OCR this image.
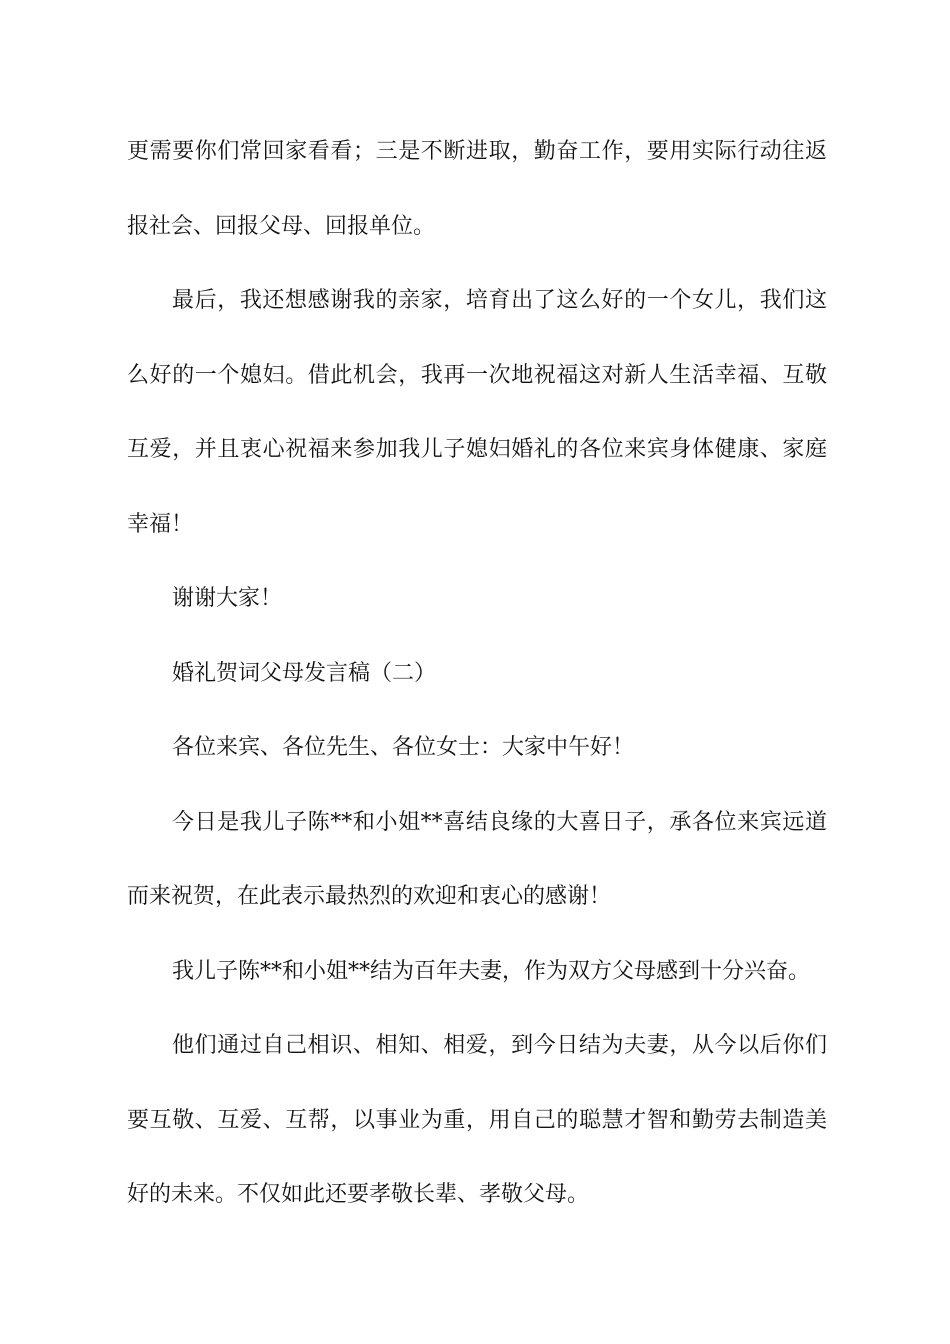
更需要你们常回家看看；三是不断进取，勤奋工作，要用实际行动往返报社会、回报父母、回报单位。

最后，我还想感谢我的亲家，培育出了这么好的一个女儿，我们这么好的一个媳妇。借此机会，我再一次地祝福这对新人生活幸福、互敬互爱，并且衷心祝福来参加我儿子媳妇婚礼的各位来宾身体健康、家庭幸福！

谢谢大家！

婚礼贺词父母发言稿（二）

各位来宾、各位先生、各位女士：大家中午好！

今日是我儿子陈**和小姐**喜结良缘的大喜日子，承各位来宾远道而来祝贺，在此表示最热烈的欢迎和衷心的感谢！

我儿子陈**和小姐**结为百年夫妻，作为双方父母感到十分兴奋。

他们通过自己相识、相知、相爱，到今日结为夫妻，从今以后你们要互敬、互爱、互帮，以事业为重，用自己的聪慧才智和勤劳去制造美好的未来。不仅如此还要孝敬长辈、孝敬父母。
